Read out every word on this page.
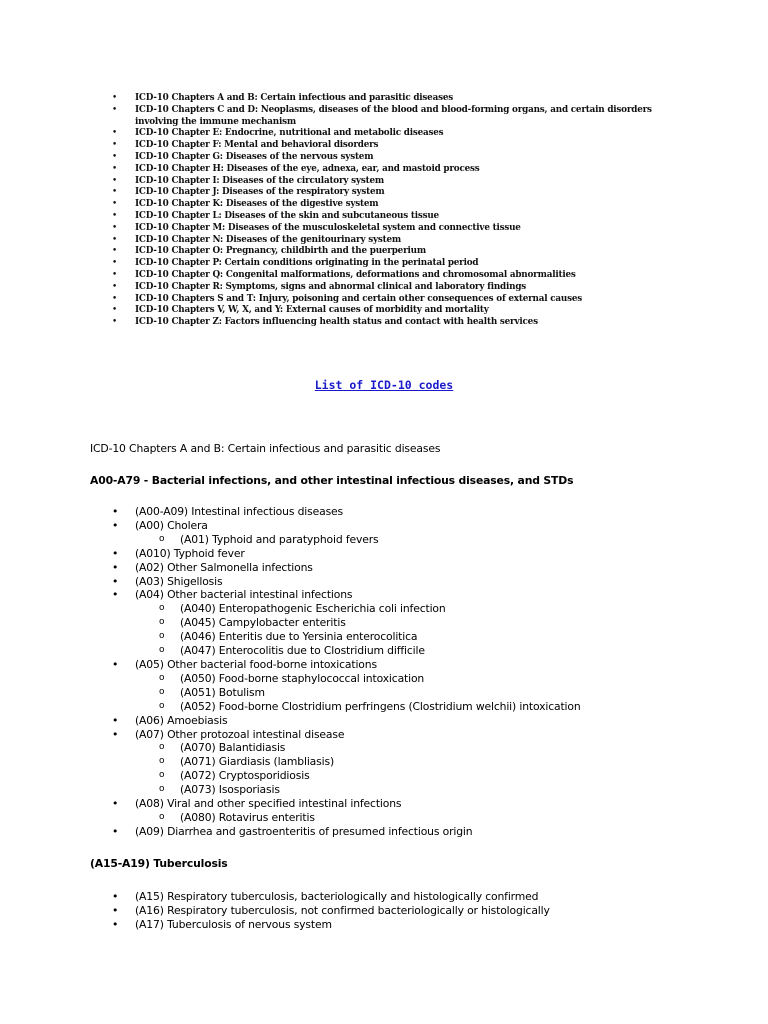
• ICD-10 Chapters A and B: Certain infectious and parasitic diseases
• ICD-10 Chapters C and D: Neoplasms, diseases of the blood and blood-forming organs, and certain disorders involving the immune mechanism
• ICD-10 Chapter E: Endocrine, nutritional and metabolic diseases
• ICD-10 Chapter F: Mental and behavioral disorders
• ICD-10 Chapter G: Diseases of the nervous system
• ICD-10 Chapter H: Diseases of the eye, adnexa, ear, and mastoid process
• ICD-10 Chapter I: Diseases of the circulatory system
• ICD-10 Chapter J: Diseases of the respiratory system
• ICD-10 Chapter K: Diseases of the digestive system
• ICD-10 Chapter L: Diseases of the skin and subcutaneous tissue
• ICD-10 Chapter M: Diseases of the musculoskeletal system and connective tissue
• ICD-10 Chapter N: Diseases of the genitourinary system
• ICD-10 Chapter O: Pregnancy, childbirth and the puerperium
• ICD-10 Chapter P: Certain conditions originating in the perinatal period
• ICD-10 Chapter Q: Congenital malformations, deformations and chromosomal abnormalities
• ICD-10 Chapter R: Symptoms, signs and abnormal clinical and laboratory findings
• ICD-10 Chapters S and T: Injury, poisoning and certain other consequences of external causes
• ICD-10 Chapters V, W, X, and Y: External causes of morbidity and mortality
• ICD-10 Chapter Z: Factors influencing health status and contact with health services
List of ICD-10 codes
ICD-10 Chapters A and B: Certain infectious and parasitic diseases
A00-A79 - Bacterial infections, and other intestinal infectious diseases, and STDs
• (A00-A09) Intestinal infectious diseases
• (A00) Cholera
o (A01) Typhoid and paratyphoid fevers
• (A010) Typhoid fever
• (A02) Other Salmonella infections
• (A03) Shigellosis
• (A04) Other bacterial intestinal infections
o (A040) Enteropathogenic Escherichia coli infection
o (A045) Campylobacter enteritis
o (A046) Enteritis due to Yersinia enterocolitica
o (A047) Enterocolitis due to Clostridium difficile
• (A05) Other bacterial food-borne intoxications
o (A050) Food-borne staphylococcal intoxication
o (A051) Botulism
o (A052) Food-borne Clostridium perfringens (Clostridium welchii) intoxication
• (A06) Amoebiasis
• (A07) Other protozoal intestinal disease
o (A070) Balantidiasis
o (A071) Giardiasis (lambliasis)
o (A072) Cryptosporidiosis
o (A073) Isosporiasis
• (A08) Viral and other specified intestinal infections
o (A080) Rotavirus enteritis
• (A09) Diarrhea and gastroenteritis of presumed infectious origin
(A15-A19) Tuberculosis
• (A15) Respiratory tuberculosis, bacteriologically and histologically confirmed
• (A16) Respiratory tuberculosis, not confirmed bacteriologically or histologically
• (A17) Tuberculosis of nervous system
